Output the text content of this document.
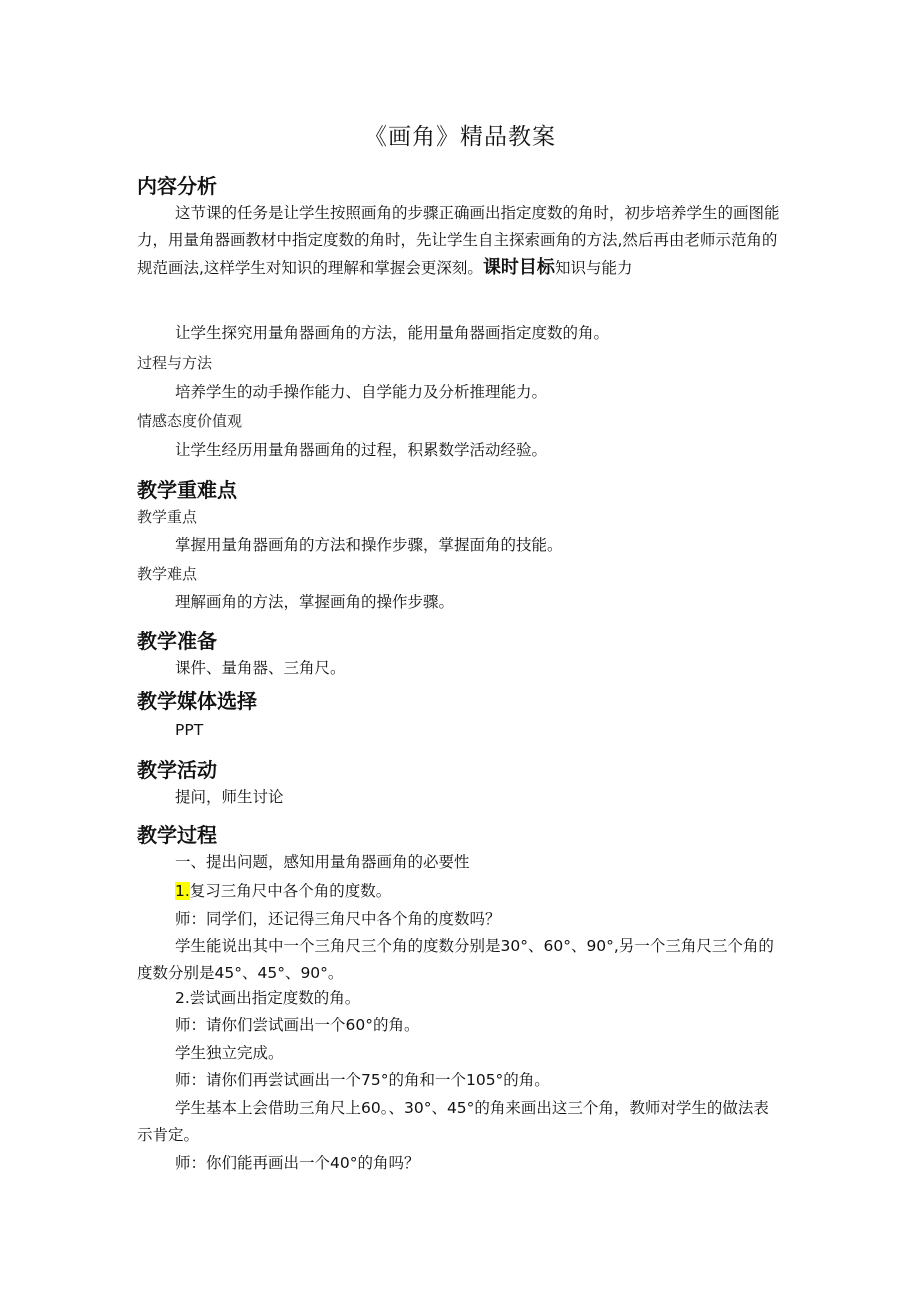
《画角》精品教案
内容分析

这节课的任务是让学生按照画角的步骤正确画出指定度数的角时，初步培养学生的画图能力，用量角器画教材中指定度数的角时，先让学生自主探索画角的方法,然后再由老师示范角的规范画法,这样学生对知识的理解和掌握会更深刻。课时目标知识与能力

让学生探究用量角器画角的方法，能用量角器画指定度数的角。
过程与方法
培养学生的动手操作能力、自学能力及分析推理能力。
情感态度价值观
让学生经历用量角器画角的过程，积累数学活动经验。
教学重难点
教学重点
掌握用量角器画角的方法和操作步骤，掌握面角的技能。
教学难点
理解画角的方法，掌握画角的操作步骤。
教学准备
课件、量角器、三角尺。
教学媒体选择
PPT
教学活动
提问，师生讨论
教学过程
一、提出问题，感知用量角器画角的必要性
1.复习三角尺中各个角的度数。
师：同学们，还记得三角尺中各个角的度数吗？

学生能说出其中一个三角尺三个角的度数分别是30°、60°、90°,另一个三角尺三个角的度数分别是45°、45°、90°。

2.尝试画出指定度数的角。
师：请你们尝试画出一个60°的角。
学生独立完成。
师：请你们再尝试画出一个75°的角和一个105°的角。

学生基本上会借助三角尺上60。、30°、45°的角来画出这三个角，教师对学生的做法表示肯定。

师：你们能再画出一个40°的角吗？
